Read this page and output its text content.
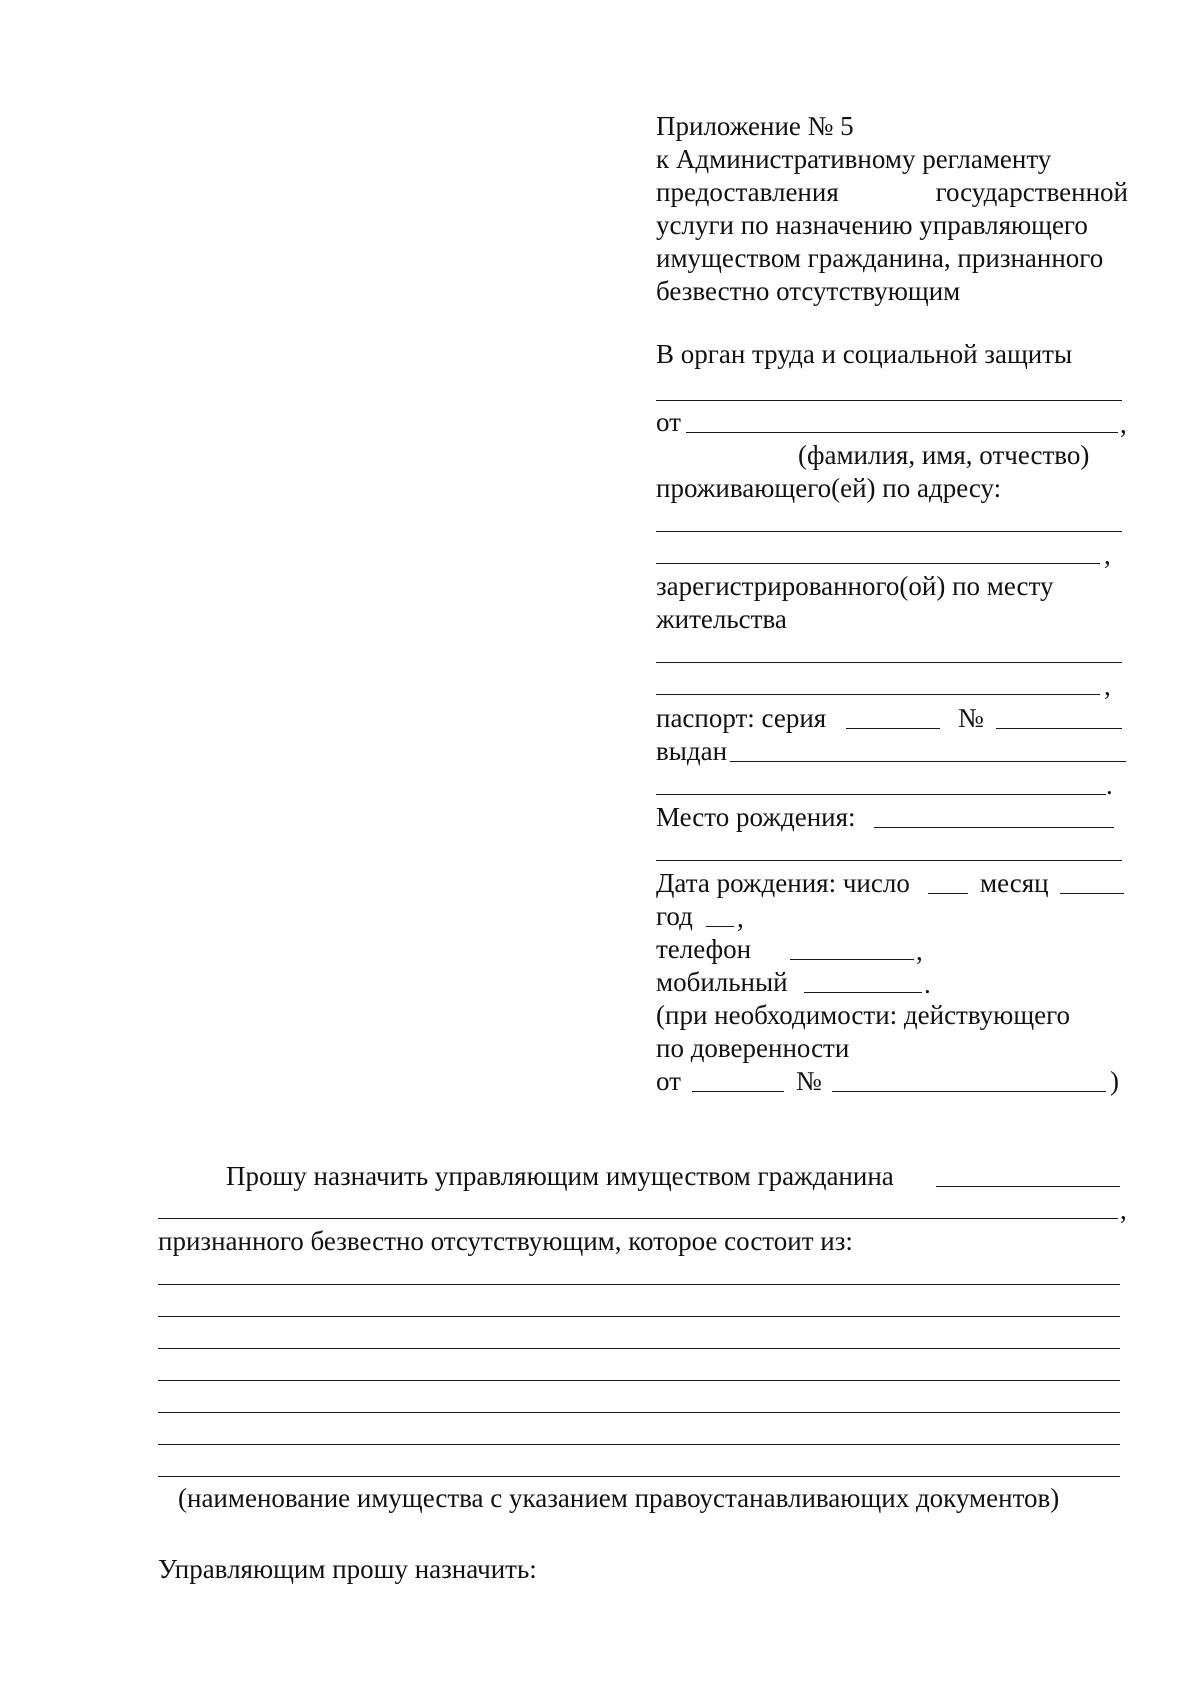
Приложение № 5
к Административному регламенту
предоставления	государственной
услуги по назначению управляющего
имуществом гражданина, признанного
безвестно отсутствующим
В орган труда и социальной защиты
от	,
(фамилия, имя, отчество)
проживающего(ей) по адресу:
,
зарегистрированного(ой) по месту
жительства
,
паспорт: серия	№
выдан
.
Место рождения:
Дата рождения: число	месяц
год ,
телефон	,
мобильный	.
(при необходимости: действующего
по доверенности
от	№	)
Прошу назначить управляющим имуществом гражданина
,
признанного безвестно отсутствующим, которое состоит из:
(наименование имущества с указанием правоустанавливающих документов)
Управляющим прошу назначить:
